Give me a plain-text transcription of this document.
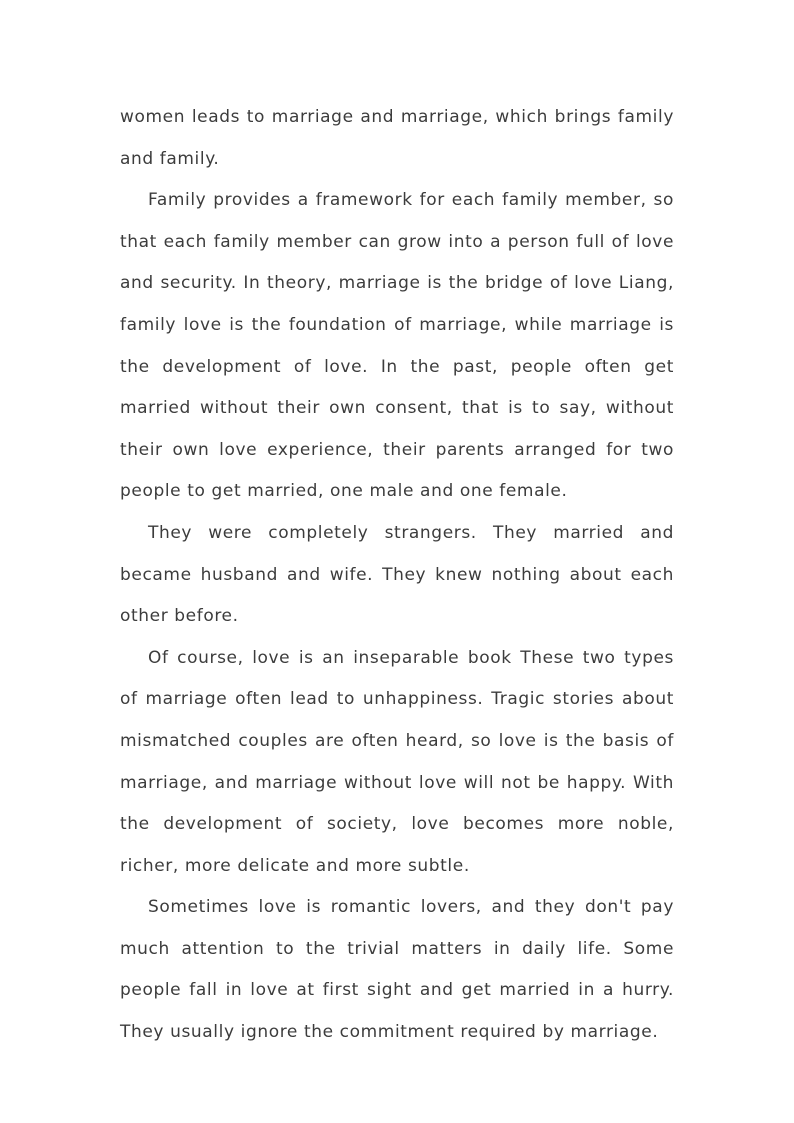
women leads to marriage and marriage, which brings family and family.

Family provides a framework for each family member, so that each family member can grow into a person full of love and security. In theory, marriage is the bridge of love Liang, family love is the foundation of marriage, while marriage is the development of love. In the past, people often get married without their own consent, that is to say, without their own love experience, their parents arranged for two people to get married, one male and one female.

They were completely strangers. They married and became husband and wife. They knew nothing about each other before.

Of course, love is an inseparable book These two types of marriage often lead to unhappiness. Tragic stories about mismatched couples are often heard, so love is the basis of marriage, and marriage without love will not be happy. With the development of society, love becomes more noble, richer, more delicate and more subtle.

Sometimes love is romantic lovers, and they don't pay much attention to the trivial matters in daily life. Some people fall in love at first sight and get married in a hurry. They usually ignore the commitment required by marriage.
